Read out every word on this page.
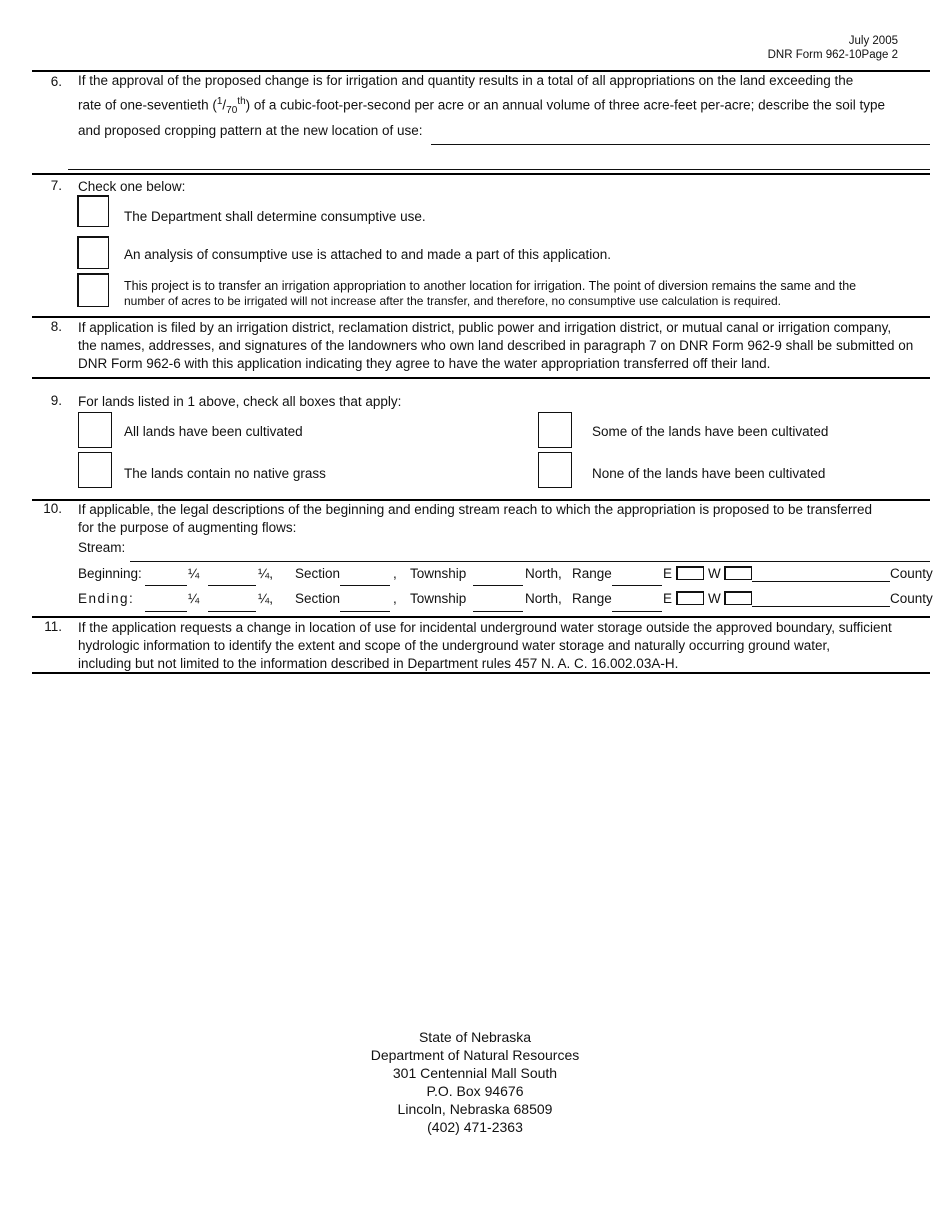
July 2005
DNR Form 962-10Page 2
6. If the approval of the proposed change is for irrigation and quantity results in a total of all appropriations on the land exceeding the
rate of one-seventieth $(^1/_{70}^{th})$ of a cubic-foot-per-second per acre or an annual volume of three acre-feet per-acre; describe the soil type
and proposed cropping pattern at the new location of use:
7. Check one below:
The Department shall determine consumptive use.
An analysis of consumptive use is attached to and made a part of this application.
This project is to transfer an irrigation appropriation to another location for irrigation. The point of diversion remains the same and the
number of acres to be irrigated will not increase after the transfer, and therefore, no consumptive use calculation is required.
8. If application is filed by an irrigation district, reclamation district, public power and irrigation district, or mutual canal or irrigation company,
the names, addresses, and signatures of the landowners who own land described in paragraph 7 on DNR Form 962-9 shall be submitted on
DNR Form 962-6 with this application indicating they agree to have the water appropriation transferred off their land.
9. For lands listed in 1 above, check all boxes that apply:
All lands have been cultivated	Some of the lands have been cultivated
The lands contain no native grass	None of the lands have been cultivated
10. If applicable, the legal descriptions of the beginning and ending stream reach to which the appropriation is proposed to be transferred
for the purpose of augmenting flows:
Stream:
Beginning:	¼	¼, Section	, Township	North, Range	E	W	County
Ending:	¼	¼, Section	, Township	North, Range	E	W	County
11. If the application requests a change in location of use for incidental underground water storage outside the approved boundary, sufficient
hydrologic information to identify the extent and scope of the underground water storage and naturally occurring ground water,
including but not limited to the information described in Department rules 457 N. A. C. 16.002.03A-H.
State of Nebraska
Department of Natural Resources
301 Centennial Mall South
P.O. Box 94676
Lincoln, Nebraska 68509
(402) 471-2363
